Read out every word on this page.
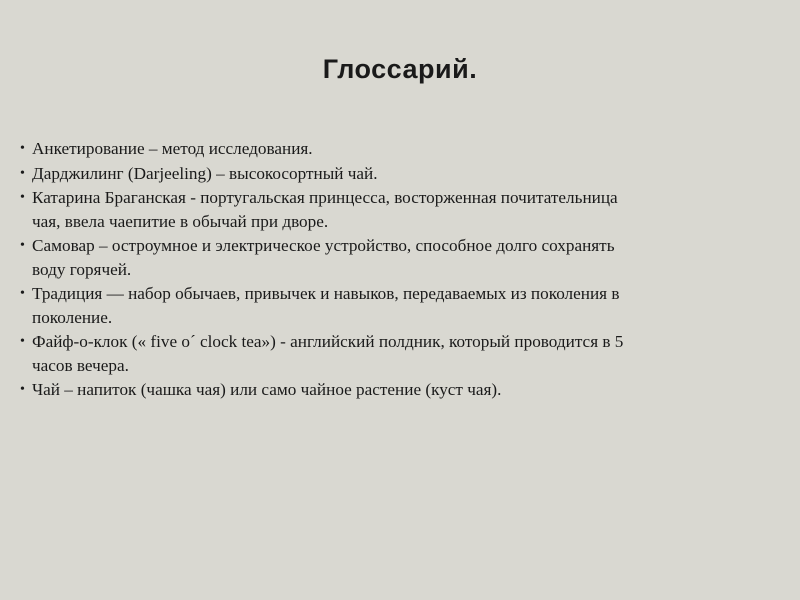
Глоссарий.
• Анкетирование – метод исследования.
• Дарджилинг (Darjeeling) – высокосортный чай.
• Катарина Браганская - португальская принцесса, восторженная почитательница
чая, ввела чаепитие в обычай при дворе.
• Самовар – остроумное и электрическое устройство, способное долго сохранять
воду горячей.
• Традиция — набор обычаев, привычек и навыков, передаваемых из поколения в
поколение.
• Файф-о-клок (« five o´ clock tea») - английский полдник, который проводится в 5
часов вечера.
• Чай – напиток (чашка чая) или само чайное растение (куст чая).
